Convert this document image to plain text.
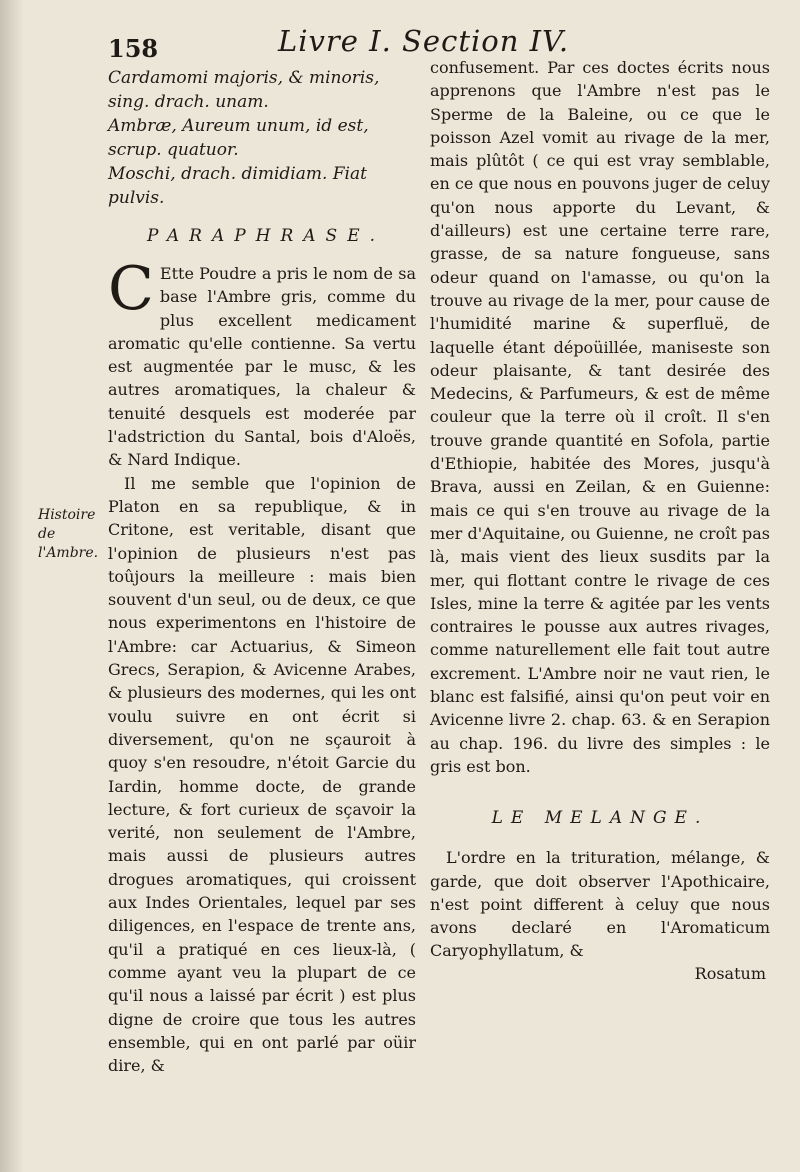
158	Livre I. Section IV.
Histoire de l'Ambre.

Cardamomi majoris, & minoris, sing. drach. unam.
Ambræ, Aureum unum, id est, scrup. quatuor.
Moschi, drach. dimidiam. Fiat pulvis.

PARAPHRASE.

C Ette Poudre a pris le nom de sa base l'Ambre gris, comme du plus excellent medicament aromatic qu'elle contienne. Sa vertu est augmentée par le musc, & les autres aromatiques, la chaleur & tenuité desquels est moderée par l'adstriction du Santal, bois d'Aloës, & Nard Indique.

Il me semble que l'opinion de Platon en sa republique, & in Critone, est veritable, disant que l'opinion de plusieurs n'est pas toûjours la meilleure : mais bien souvent d'un seul, ou de deux, ce que nous experimentons en l'histoire de l'Ambre: car Actuarius, & Simeon Grecs, Serapion, & Avicenne Arabes, & plusieurs des modernes, qui les ont voulu suivre en ont écrit si diversement, qu'on ne sçauroit à quoy s'en resoudre, n'étoit Garcie du Iardin, homme docte, de grande lecture, & fort curieux de sçavoir la verité, non seulement de l'Ambre, mais aussi de plusieurs autres drogues aromatiques, qui croissent aux Indes Orientales, lequel par ses diligences, en l'espace de trente ans, qu'il a pratiqué en ces lieux-là, ( comme ayant veu la plupart de ce qu'il nous a laissé par écrit ) est plus digne de croire que tous les autres ensemble, qui en ont parlé par oüir dire, &

confusement. Par ces doctes écrits nous apprenons que l'Ambre n'est pas le Sperme de la Baleine, ou ce que le poisson Azel vomit au rivage de la mer, mais plûtôt ( ce qui est vray semblable, en ce que nous en pouvons juger de celuy qu'on nous apporte du Levant, & d'ailleurs) est une certaine terre rare, grasse, de sa nature fongueuse, sans odeur quand on l'amasse, ou qu'on la trouve au rivage de la mer, pour cause de l'humidité marine & superfluë, de laquelle étant dépoüillée, maniseste son odeur plaisante, & tant desirée des Medecins, & Parfumeurs, & est de même couleur que la terre où il croît. Il s'en trouve grande quantité en Sofola, partie d'Ethiopie, habitée des Mores, jusqu'à Brava, aussi en Zeilan, & en Guienne: mais ce qui s'en trouve au rivage de la mer d'Aquitaine, ou Guienne, ne croît pas là, mais vient des lieux susdits par la mer, qui flottant contre le rivage de ces Isles, mine la terre & agitée par les vents contraires le pousse aux autres rivages, comme naturellement elle fait tout autre excrement. L'Ambre noir ne vaut rien, le blanc est falsifié, ainsi qu'on peut voir en Avicenne livre 2. chap. 63. & en Serapion au chap. 196. du livre des simples : le gris est bon.

LE MELANGE.

L'ordre en la trituration, mélange, & garde, que doit observer l'Apothicaire, n'est point different à celuy que nous avons declaré en l'Aromaticum Caryophyllatum, &

Rosatum
